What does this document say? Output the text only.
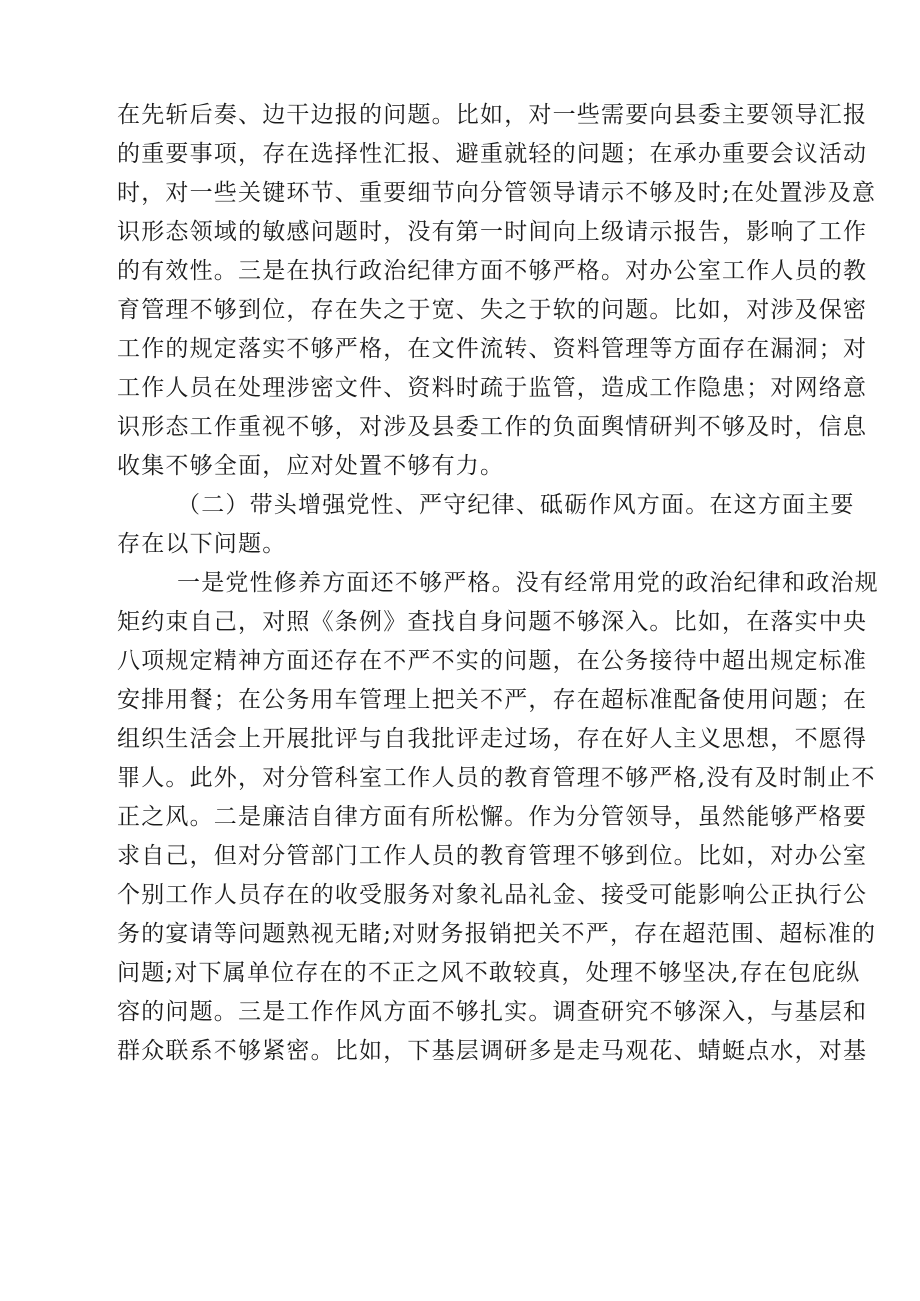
在先斩后奏、边干边报的问题。比如，对一些需要向县委主要领导汇报
的重要事项，存在选择性汇报、避重就轻的问题；在承办重要会议活动
时，对一些关键环节、重要细节向分管领导请示不够及时;在处置涉及意
识形态领域的敏感问题时，没有第一时间向上级请示报告，影响了工作
的有效性。三是在执行政治纪律方面不够严格。对办公室工作人员的教
育管理不够到位，存在失之于宽、失之于软的问题。比如，对涉及保密
工作的规定落实不够严格，在文件流转、资料管理等方面存在漏洞；对
工作人员在处理涉密文件、资料时疏于监管，造成工作隐患；对网络意
识形态工作重视不够，对涉及县委工作的负面舆情研判不够及时，信息
收集不够全面，应对处置不够有力。
（二）带头增强党性、严守纪律、砥砺作风方面。在这方面主要
存在以下问题。
一是党性修养方面还不够严格。没有经常用党的政治纪律和政治规
矩约束自己，对照《条例》查找自身问题不够深入。比如，在落实中央
八项规定精神方面还存在不严不实的问题，在公务接待中超出规定标准
安排用餐；在公务用车管理上把关不严，存在超标准配备使用问题；在
组织生活会上开展批评与自我批评走过场，存在好人主义思想，不愿得
罪人。此外，对分管科室工作人员的教育管理不够严格,没有及时制止不
正之风。二是廉洁自律方面有所松懈。作为分管领导，虽然能够严格要
求自己，但对分管部门工作人员的教育管理不够到位。比如，对办公室
个别工作人员存在的收受服务对象礼品礼金、接受可能影响公正执行公
务的宴请等问题熟视无睹;对财务报销把关不严，存在超范围、超标准的
问题;对下属单位存在的不正之风不敢较真，处理不够坚决,存在包庇纵
容的问题。三是工作作风方面不够扎实。调查研究不够深入，与基层和
群众联系不够紧密。比如，下基层调研多是走马观花、蜻蜓点水，对基
